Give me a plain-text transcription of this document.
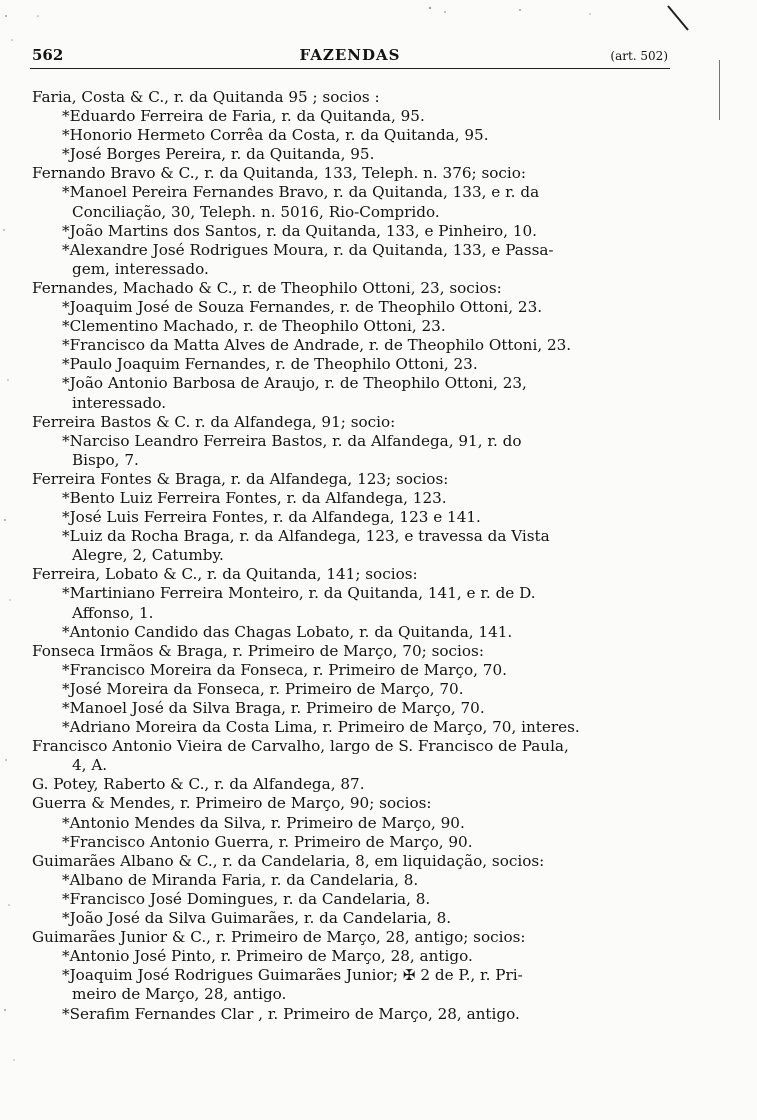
562	FAZENDAS	(art. 502)
Faria, Costa & C., r. da Quitanda 95 ; socios :
*Eduardo Ferreira de Faria, r. da Quitanda, 95.
*Honorio Hermeto Corrêa da Costa, r. da Quitanda, 95.
*José Borges Pereira, r. da Quitanda, 95.
Fernando Bravo & C., r. da Quitanda, 133, Teleph. n. 376; socio:
*Manoel Pereira Fernandes Bravo, r. da Quitanda, 133, e r. da
Conciliação, 30, Teleph. n. 5016, Rio-Comprido.
*João Martins dos Santos, r. da Quitanda, 133, e Pinheiro, 10.
*Alexandre José Rodrigues Moura, r. da Quitanda, 133, e Passa-
gem, interessado.
Fernandes, Machado & C., r. de Theophilo Ottoni, 23, socios:
*Joaquim José de Souza Fernandes, r. de Theophilo Ottoni, 23.
*Clementino Machado, r. de Theophilo Ottoni, 23.
*Francisco da Matta Alves de Andrade, r. de Theophilo Ottoni, 23.
*Paulo Joaquim Fernandes, r. de Theophilo Ottoni, 23.
*João Antonio Barbosa de Araujo, r. de Theophilo Ottoni, 23,
interessado.
Ferreira Bastos & C. r. da Alfandega, 91; socio:
*Narciso Leandro Ferreira Bastos, r. da Alfandega, 91, r. do
Bispo, 7.
Ferreira Fontes & Braga, r. da Alfandega, 123; socios:
*Bento Luiz Ferreira Fontes, r. da Alfandega, 123.
*José Luis Ferreira Fontes, r. da Alfandega, 123 e 141.
*Luiz da Rocha Braga, r. da Alfandega, 123, e travessa da Vista
Alegre, 2, Catumby.
Ferreira, Lobato & C., r. da Quitanda, 141; socios:
*Martiniano Ferreira Monteiro, r. da Quitanda, 141, e r. de D.
Affonso, 1.
*Antonio Candido das Chagas Lobato, r. da Quitanda, 141.
Fonseca Irmãos & Braga, r. Primeiro de Março, 70; socios:
*Francisco Moreira da Fonseca, r. Primeiro de Março, 70.
*José Moreira da Fonseca, r. Primeiro de Março, 70.
*Manoel José da Silva Braga, r. Primeiro de Março, 70.
*Adriano Moreira da Costa Lima, r. Primeiro de Março, 70, interes.
Francisco Antonio Vieira de Carvalho, largo de S. Francisco de Paula,
4, A.
G. Potey, Raberto & C., r. da Alfandega, 87.
Guerra & Mendes, r. Primeiro de Março, 90; socios:
*Antonio Mendes da Silva, r. Primeiro de Março, 90.
*Francisco Antonio Guerra, r. Primeiro de Março, 90.
Guimarães Albano & C., r. da Candelaria, 8, em liquidação, socios:
*Albano de Miranda Faria, r. da Candelaria, 8.
*Francisco José Domingues, r. da Candelaria, 8.
*João José da Silva Guimarães, r. da Candelaria, 8.
Guimarães Junior & C., r. Primeiro de Março, 28, antigo; socios:
*Antonio José Pinto, r. Primeiro de Março, 28, antigo.
*Joaquim José Rodrigues Guimarães Junior; ✠ 2 de P., r. Pri-
meiro de Março, 28, antigo.
*Serafim Fernandes Clar , r. Primeiro de Março, 28, antigo.
